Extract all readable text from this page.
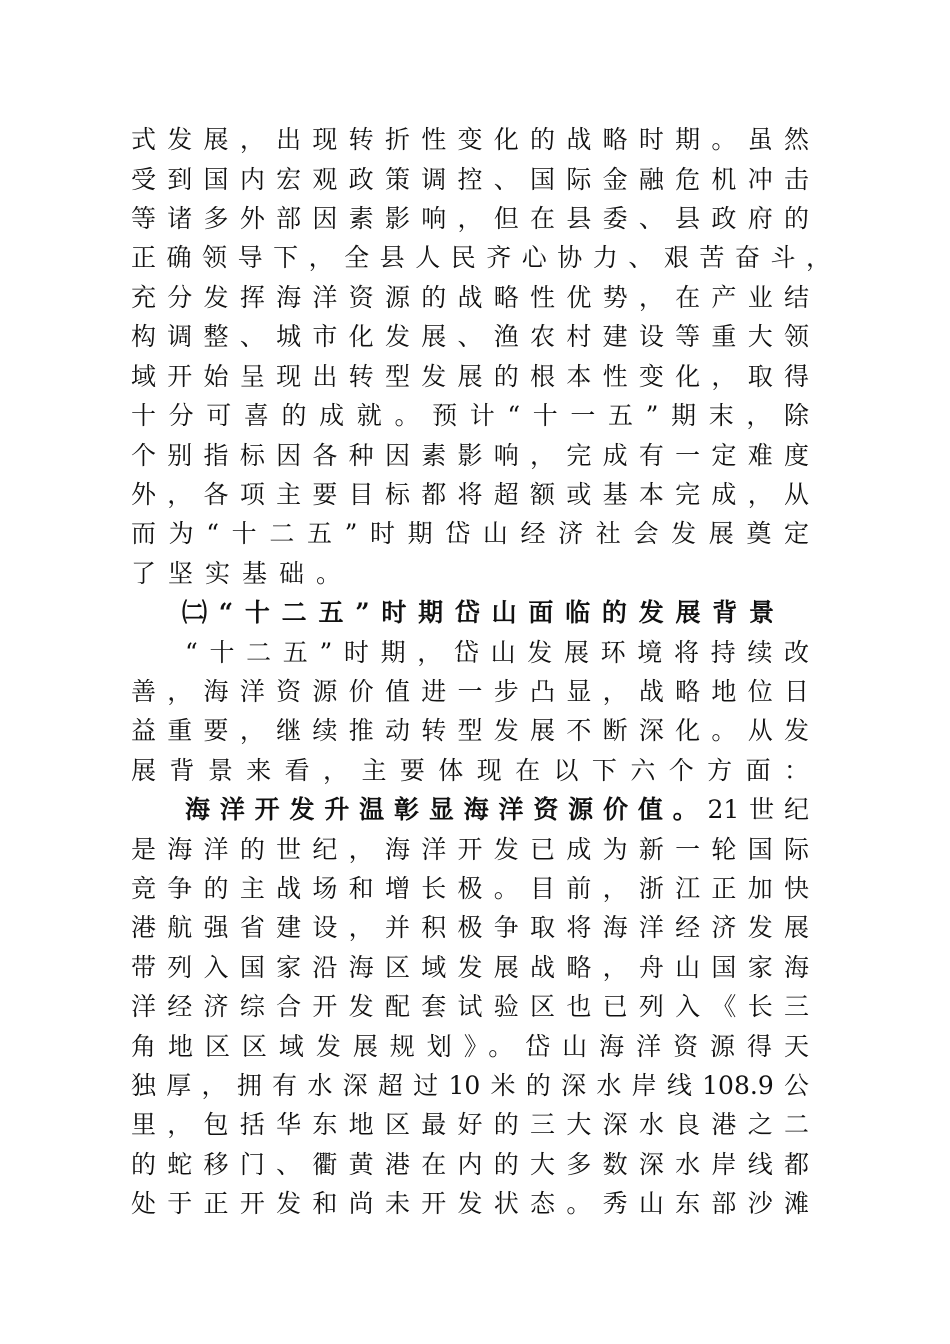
式发展，出现转折性变化的战略时期。虽然
受到国内宏观政策调控、国际金融危机冲击
等诸多外部因素影响，但在县委、县政府的
正确领导下，全县人民齐心协力、艰苦奋斗，
充分发挥海洋资源的战略性优势，在产业结
构调整、城市化发展、渔农村建设等重大领
域开始呈现出转型发展的根本性变化，取得
十分可喜的成就。预计“十一五”期末，除
个别指标因各种因素影响，完成有一定难度
外，各项主要目标都将超额或基本完成，从
而为“十二五”时期岱山经济社会发展奠定
了坚实基础。
㈡“十二五”时期岱山面临的发展背景
“十二五”时期，岱山发展环境将持续改
善，海洋资源价值进一步凸显，战略地位日
益重要，继续推动转型发展不断深化。从发
展背景来看，主要体现在以下六个方面：
海洋开发升温彰显海洋资源价值。21世纪
是海洋的世纪，海洋开发已成为新一轮国际
竞争的主战场和增长极。目前，浙江正加快
港航强省建设，并积极争取将海洋经济发展
带列入国家沿海区域发展战略，舟山国家海
洋经济综合开发配套试验区也已列入《长三
角地区区域发展规划》。岱山海洋资源得天
独厚，拥有水深超过10米的深水岸线108.9公
里，包括华东地区最好的三大深水良港之二
的蛇移门、衢黄港在内的大多数深水岸线都
处于正开发和尚未开发状态。秀山东部沙滩
